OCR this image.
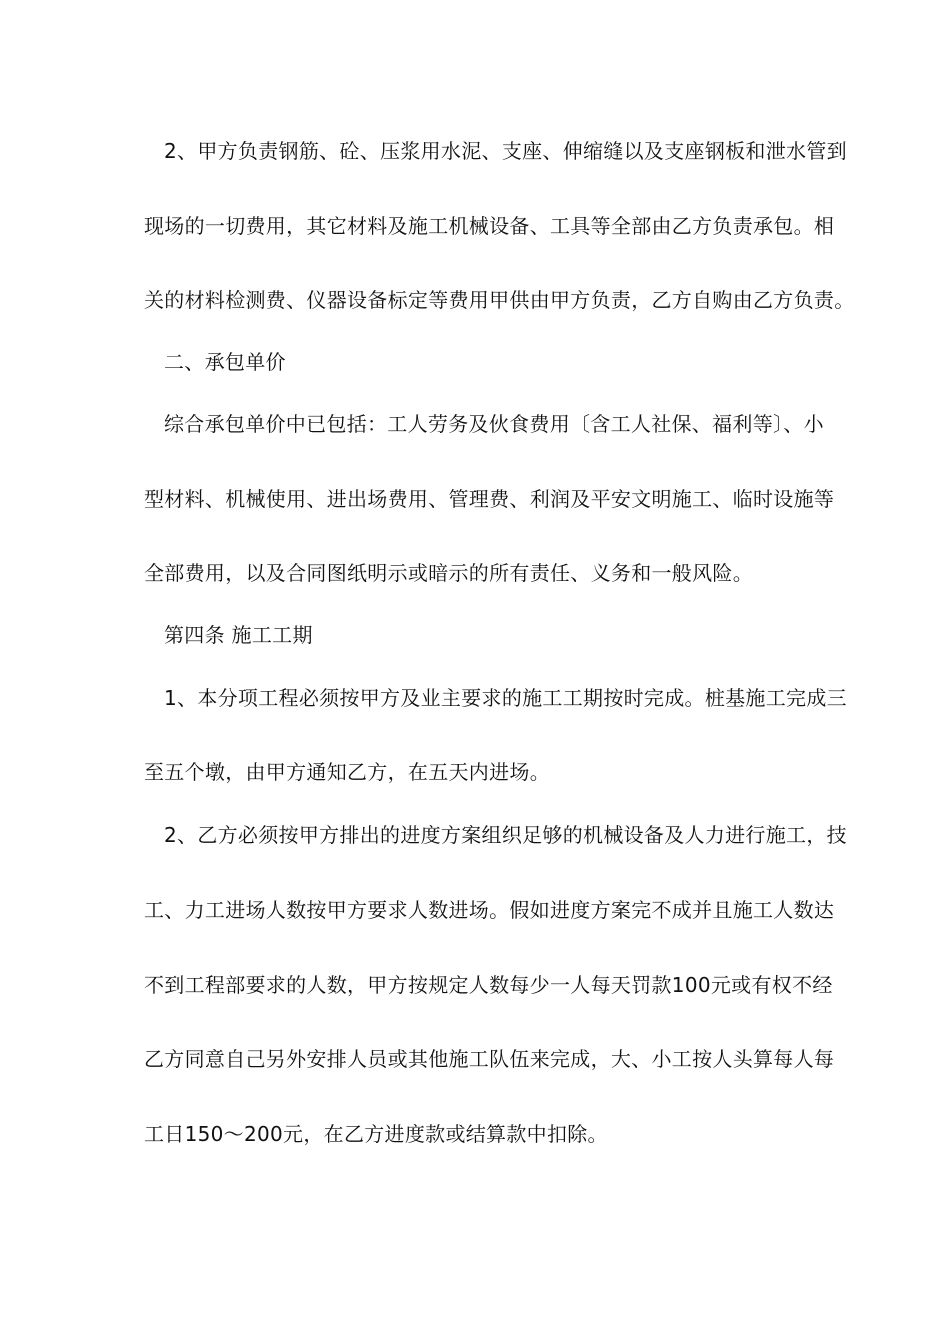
2、甲方负责钢筋、砼、压浆用水泥、支座、伸缩缝以及支座钢板和泄水管到
现场的一切费用，其它材料及施工机械设备、工具等全部由乙方负责承包。相
关的材料检测费、仪器设备标定等费用甲供由甲方负责，乙方自购由乙方负责。
二、承包单价
综合承包单价中已包括：工人劳务及伙食费用〔含工人社保、福利等〕、小
型材料、机械使用、进出场费用、管理费、利润及平安文明施工、临时设施等
全部费用，以及合同图纸明示或暗示的所有责任、义务和一般风险。
第四条 施工工期
1、本分项工程必须按甲方及业主要求的施工工期按时完成。桩基施工完成三
至五个墩，由甲方通知乙方，在五天内进场。
2、乙方必须按甲方排出的进度方案组织足够的机械设备及人力进行施工，技
工、力工进场人数按甲方要求人数进场。假如进度方案完不成并且施工人数达
不到工程部要求的人数，甲方按规定人数每少一人每天罚款100元或有权不经
乙方同意自己另外安排人员或其他施工队伍来完成，大、小工按人头算每人每
工日150～200元，在乙方进度款或结算款中扣除。
